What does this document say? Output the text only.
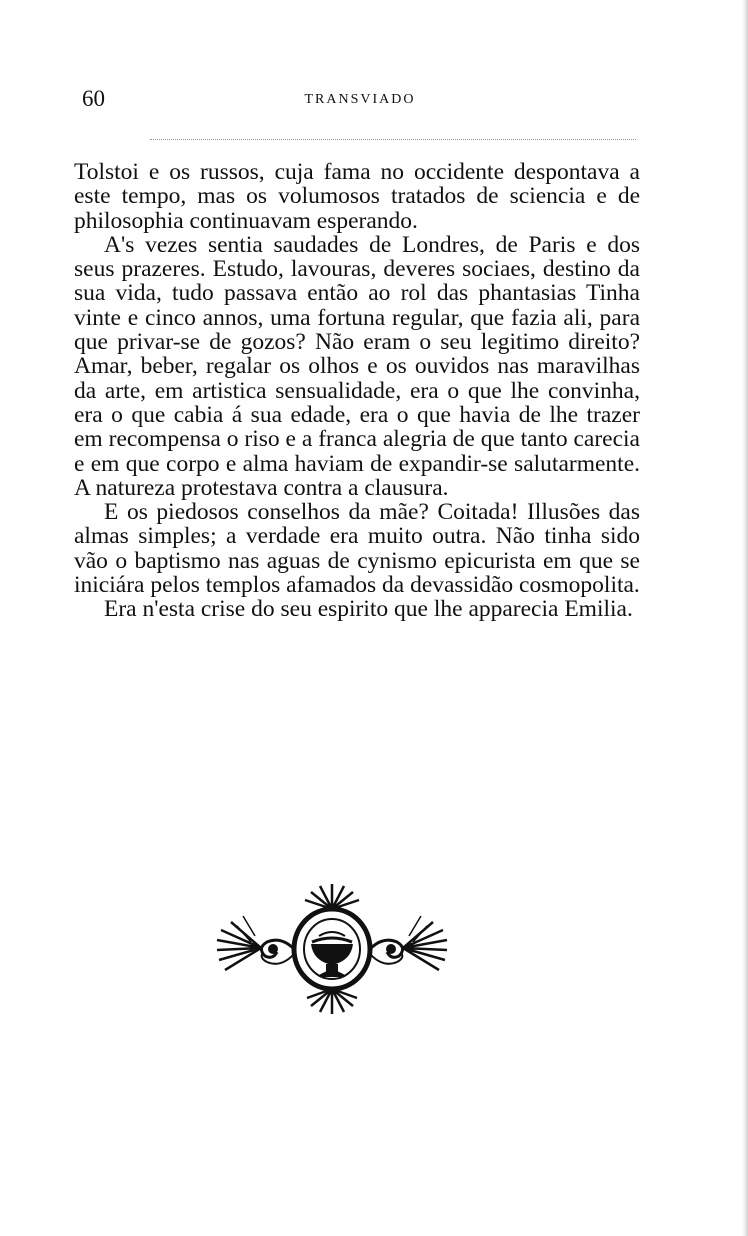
60	TRANSVIADO

Tolstoi e os russos, cuja fama no occidente despontava a este tempo, mas os volumosos tratados de sciencia e de philosophia continuavam esperando.

A's vezes sentia saudades de Londres, de Paris e dos seus prazeres. Estudo, lavouras, deveres sociaes, destino da sua vida, tudo passava então ao rol das phantasias Tinha vinte e cinco annos, uma fortuna regular, que fazia ali, para que privar-se de gozos? Não eram o seu legitimo direito? Amar, beber, regalar os olhos e os ouvidos nas maravilhas da arte, em artistica sensualidade, era o que lhe convinha, era o que cabia á sua edade, era o que havia de lhe trazer em recompensa o riso e a franca alegria de que tanto carecia e em que corpo e alma haviam de expandir-se salutarmente. A natureza protestava contra a clausura.

E os piedosos conselhos da mãe? Coitada! Illusões das almas simples; a verdade era muito outra. Não tinha sido vão o baptismo nas aguas de cynismo epicurista em que se iniciára pelos templos afamados da devassidão cosmopolita.

Era n'esta crise do seu espirito que lhe apparecia Emilia.
